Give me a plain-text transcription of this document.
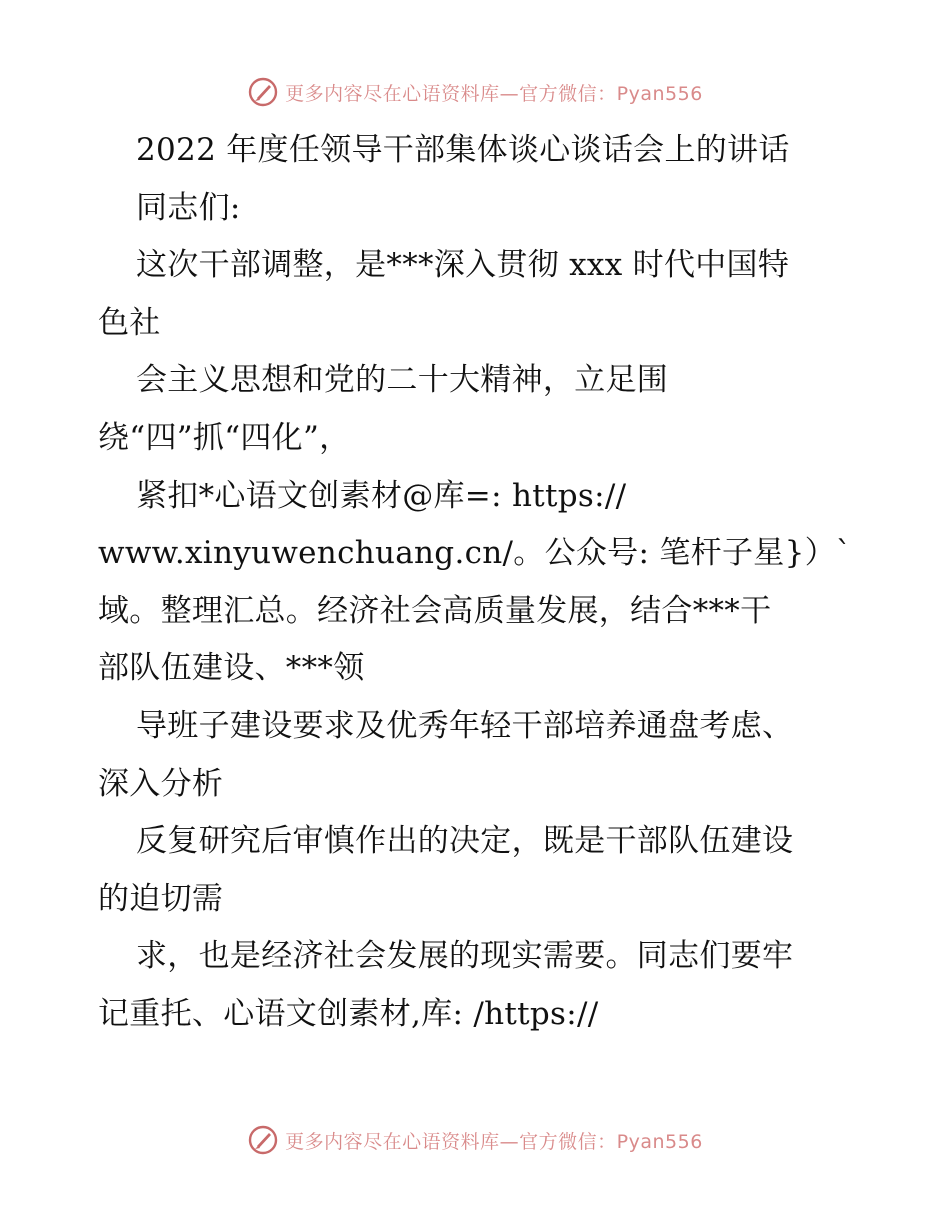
更多内容尽在心语资料库—官方微信：Pyan556
2022 年度任领导干部集体谈心谈话会上的讲话
同志们:
这次干部调整，是***深入贯彻 xxx 时代中国特
色社
会主义思想和党的二十大精神，立足围
绕“四”抓“四化”，
紧扣*心语文创素材@库=: https://
www.xinyuwenchuang.cn/。公众号: 笔杆子星}）`
域。整理汇总。经济社会高质量发展，结合***干
部队伍建设、***领
导班子建设要求及优秀年轻干部培养通盘考虑、
深入分析
反复研究后审慎作出的决定，既是干部队伍建设
的迫切需
求，也是经济社会发展的现实需要。同志们要牢
记重托、心语文创素材,库: /https://
更多内容尽在心语资料库—官方微信：Pyan556
